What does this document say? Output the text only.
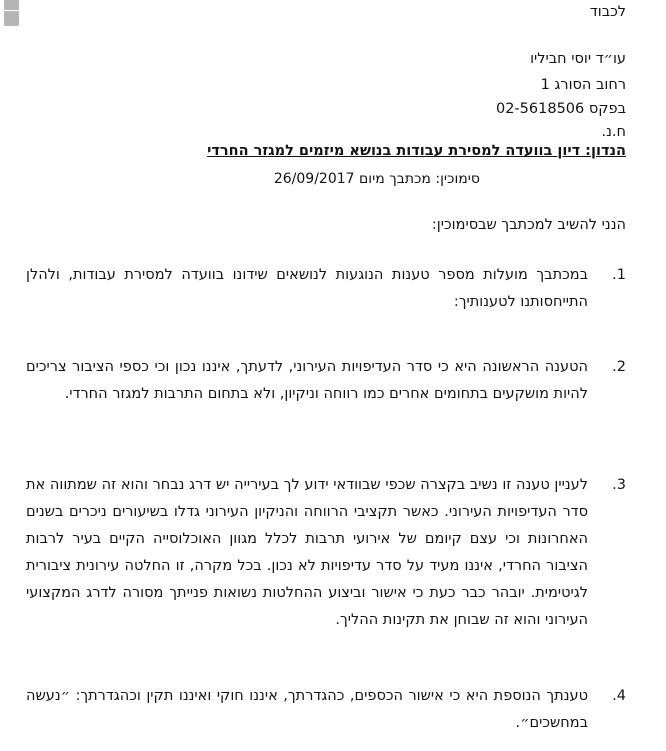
לכבוד
עו״ד יוסי חביליו
רחוב הסורג 1
בפקס 02-5618506
ח.נ.
הנדון: דיון בוועדה למסירת עבודות בנושא מיזמים למגזר החרדי
סימוכין: מכתבך מיום 26/09/2017
הנני להשיב למכתבך שבסימוכין:
1.
במכתבך מועלות מספר טענות הנוגעות לנושאים שידונו בוועדה למסירת עבודות, ולהלן התייחסותנו לטענותיך:
2.
הטענה הראשונה היא כי סדר העדיפויות העירוני, לדעתך, איננו נכון וכי כספי הציבור צריכים להיות מושקעים בתחומים אחרים כמו רווחה וניקיון, ולא בתחום התרבות למגזר החרדי.
3.
לעניין טענה זו נשיב בקצרה שכפי שבוודאי ידוע לך בעירייה יש דרג נבחר והוא זה שמתווה את סדר העדיפויות העירוני. כאשר תקציבי הרווחה והניקיון העירוני גדלו בשיעורים ניכרים בשנים האחרונות וכי עצם קיומם של אירועי תרבות לכלל מגוון האוכלוסייה הקיים בעיר לרבות הציבור החרדי, איננו מעיד על סדר עדיפויות לא נכון. בכל מקרה, זו החלטה עירונית ציבורית לגיטימית. יובהר כבר כעת כי אישור וביצוע ההחלטות נשואות פנייתך מסורה לדרג המקצועי העירוני והוא זה שבוחן את תקינות ההליך.
4.
טענתך הנוספת היא כי אישור הכספים, כהגדרתך, איננו חוקי ואיננו תקין וכהגדרתך: ״נעשה במחשכים״.
